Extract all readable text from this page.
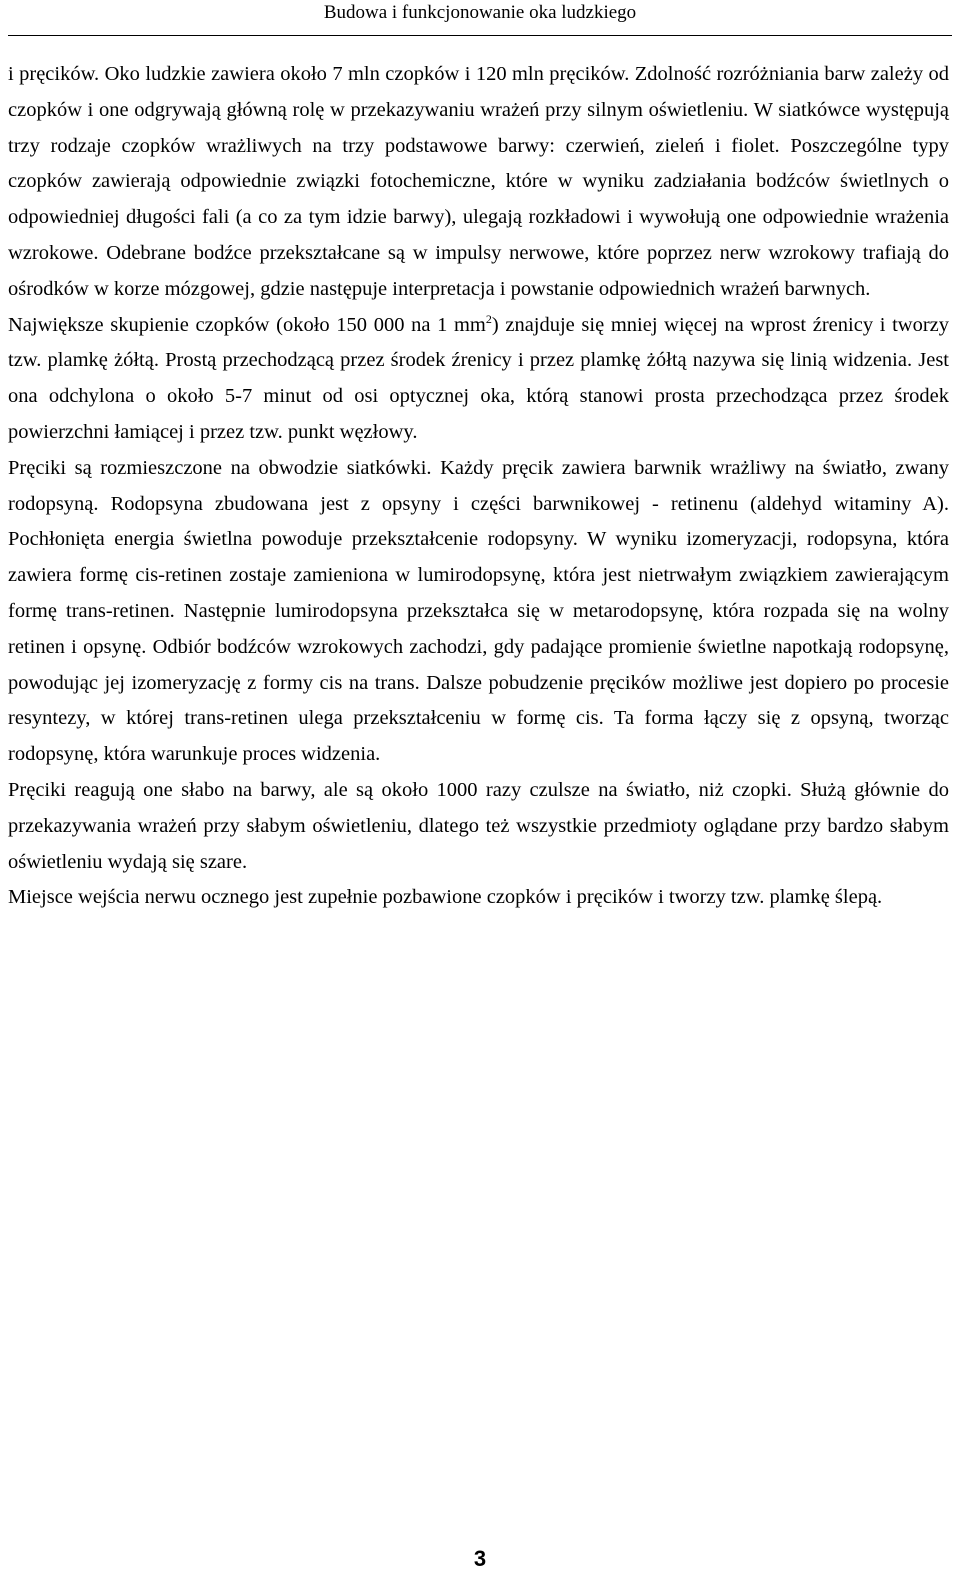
Budowa i funkcjonowanie oka ludzkiego

i pręcików. Oko ludzkie zawiera około 7 mln czopków i 120 mln pręcików. Zdolność rozróżniania barw zależy od czopków i one odgrywają główną rolę w przekazywaniu wrażeń przy silnym oświetleniu. W siatkówce występują trzy rodzaje czopków wrażliwych na trzy podstawowe barwy: czerwień, zieleń i fiolet. Poszczególne typy czopków zawierają odpowiednie związki fotochemiczne, które w wyniku zadziałania bodźców świetlnych o odpowiedniej długości fali (a co za tym idzie barwy), ulegają rozkładowi i wywołują one odpowiednie wrażenia wzrokowe. Odebrane bodźce przekształcane są w impulsy nerwowe, które poprzez nerw wzrokowy trafiają do ośrodków w korze mózgowej, gdzie następuje interpretacja i powstanie odpowiednich wrażeń barwnych.

Największe skupienie czopków (około 150 000 na 1 $mm^2$) znajduje się mniej więcej na wprost źrenicy i tworzy tzw. plamkę żółtą. Prostą przechodzącą przez środek źrenicy i przez plamkę żółtą nazywa się linią widzenia. Jest ona odchylona o około 5-7 minut od osi optycznej oka, którą stanowi prosta przechodząca przez środek powierzchni łamiącej i przez tzw. punkt węzłowy.

Pręciki są rozmieszczone na obwodzie siatkówki. Każdy pręcik zawiera barwnik wrażliwy na światło, zwany rodopsyną. Rodopsyna zbudowana jest z opsyny i części barwnikowej - retinenu (aldehyd witaminy A). Pochłonięta energia świetlna powoduje przekształcenie rodopsyny. W wyniku izomeryzacji, rodopsyna, która zawiera formę cis-retinen zostaje zamieniona w lumirodopsynę, która jest nietrwałym związkiem zawierającym formę trans-retinen. Następnie lumirodopsyna przekształca się w metarodopsynę, która rozpada się na wolny retinen i opsynę. Odbiór bodźców wzrokowych zachodzi, gdy padające promienie świetlne napotkają rodopsynę, powodując jej izomeryzację z formy cis na trans. Dalsze pobudzenie pręcików możliwe jest dopiero po procesie resyntezy, w której trans-retinen ulega przekształceniu w formę cis. Ta forma łączy się z opsyną, tworząc rodopsynę, która warunkuje proces widzenia.

Pręciki reagują one słabo na barwy, ale są około 1000 razy czulsze na światło, niż czopki. Służą głównie do przekazywania wrażeń przy słabym oświetleniu, dlatego też wszystkie przedmioty oglądane przy bardzo słabym oświetleniu wydają się szare.

Miejsce wejścia nerwu ocznego jest zupełnie pozbawione czopków i pręcików i tworzy tzw. plamkę ślepą.

3
